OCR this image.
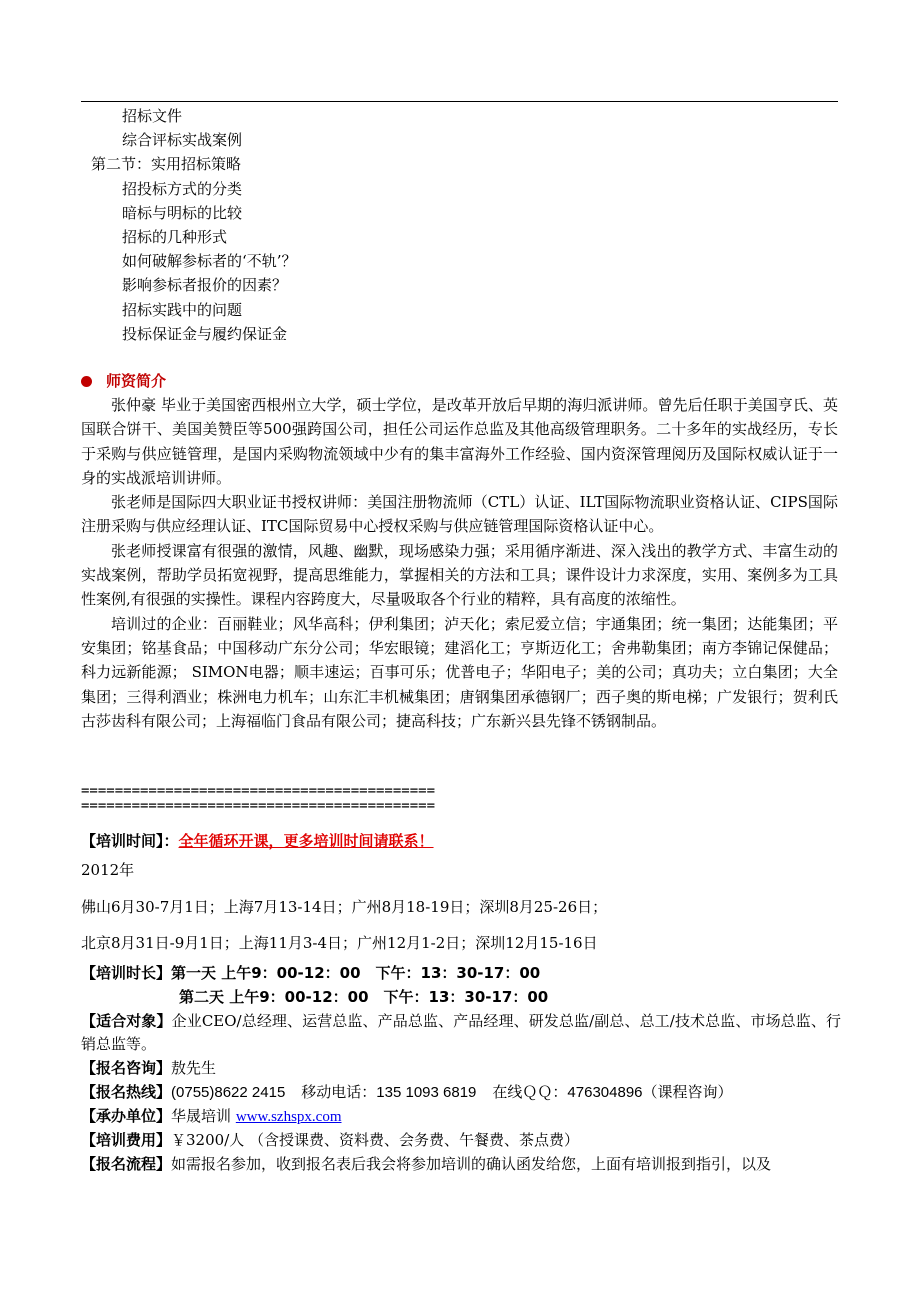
招标文件
综合评标实战案例
第二节：实用招标策略
招投标方式的分类
暗标与明标的比较
招标的几种形式
如何破解参标者的‘不轨’？
影响参标者报价的因素？
招标实践中的问题
投标保证金与履约保证金
师资简介

张仲豪 毕业于美国密西根州立大学，硕士学位，是改革开放后早期的海归派讲师。曾先后任职于美国亨氏、英国联合饼干、美国美赞臣等500强跨国公司，担任公司运作总监及其他高级管理职务。二十多年的实战经历，专长于采购与供应链管理，是国内采购物流领域中少有的集丰富海外工作经验、国内资深管理阅历及国际权威认证于一身的实战派培训讲师。

张老师是国际四大职业证书授权讲师：美国注册物流师（CTL）认证、ILT国际物流职业资格认证、CIPS国际注册采购与供应经理认证、ITC国际贸易中心授权采购与供应链管理国际资格认证中心。

张老师授课富有很强的激情，风趣、幽默，现场感染力强；采用循序渐进、深入浅出的教学方式、丰富生动的实战案例，帮助学员拓宽视野，提高思维能力，掌握相关的方法和工具；课件设计力求深度，实用、案例多为工具性案例,有很强的实操性。课程内容跨度大，尽量吸取各个行业的精粹，具有高度的浓缩性。

培训过的企业：百丽鞋业；风华高科；伊利集团；泸天化；索尼爱立信；宇通集团；统一集团；达能集团；平安集团；铭基食品；中国移动广东分公司；华宏眼镜；建滔化工；亨斯迈化工；舍弗勒集团；南方李锦记保健品；科力远新能源； SIMON电器；顺丰速运；百事可乐；优普电子；华阳电子；美的公司；真功夫；立白集团；大全集团；三得利酒业；株洲电力机车；山东汇丰机械集团；唐钢集团承德钢厂；西子奥的斯电梯；广发银行；贺利氏古莎齿科有限公司；上海福临门食品有限公司；捷高科技；广东新兴县先锋不锈钢制品。

==========================================
==========================================
【培训时间】：全年循环开课，更多培训时间请联系！
2012年
佛山6月30-7月1日；上海7月13-14日；广州8月18-19日；深圳8月25-26日；
北京8月31日-9月1日；上海11月3-4日；广州12月1-2日；深圳12月15-16日
【培训时长】第一天 上午9：00-12：00　下午：13：30-17：00
第二天 上午9：00-12：00　下午：13：30-17：00
【适合对象】企业CEO/总经理、运营总监、产品总监、产品经理、研发总监/副总、总工/技术总监、市场总监、行销总监等。
【报名咨询】敖先生
【报名热线】(0755)8622 2415 移动电话：135 1093 6819 在线ＱＱ：476304896（课程咨询）
【承办单位】华晟培训 www.szhspx.com
【培训费用】￥3200/人 （含授课费、资料费、会务费、午餐费、茶点费）
【报名流程】如需报名参加，收到报名表后我会将参加培训的确认函发给您，上面有培训报到指引，以及
